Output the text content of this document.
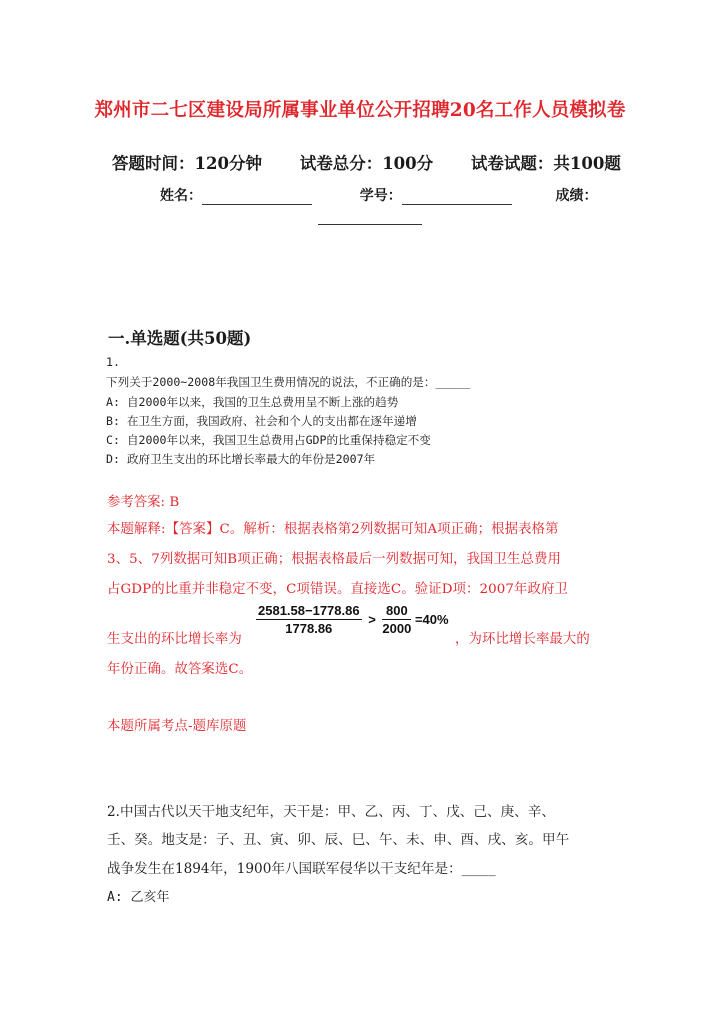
郑州市二七区建设局所属事业单位公开招聘20名工作人员模拟卷
答题时间：120分钟 试卷总分：100分 试卷试题：共100题
姓名：	学号：	成绩：
一.单选题(共50题)
1.
下列关于2000~2008年我国卫生费用情况的说法，不正确的是：_____
A: 自2000年以来，我国的卫生总费用呈不断上涨的趋势
B: 在卫生方面，我国政府、社会和个人的支出都在逐年递增
C: 自2000年以来，我国卫生总费用占GDP的比重保持稳定不变
D: 政府卫生支出的环比增长率最大的年份是2007年
参考答案: B
本题解释:【答案】C。解析：根据表格第2列数据可知A项正确；根据表格第
3、5、7列数据可知B项正确；根据表格最后一列数据可知，我国卫生总费用
占GDP的比重并非稳定不变，C项错误。直接选C。验证D项：2007年政府卫
生支出的环比增长率为
$\frac{2581.58-1778.86}{1778.86} > \frac{800}{2000} =40\%$
，为环比增长率最大的
年份正确。故答案选C。
本题所属考点-题库原题
2.中国古代以天干地支纪年，天干是：甲、乙、丙、丁、戊、己、庚、辛、
壬、癸。地支是：子、丑、寅、卯、辰、巳、午、未、申、酉、戌、亥。甲午
战争发生在1894年，1900年八国联军侵华以干支纪年是：_____
A: 乙亥年
